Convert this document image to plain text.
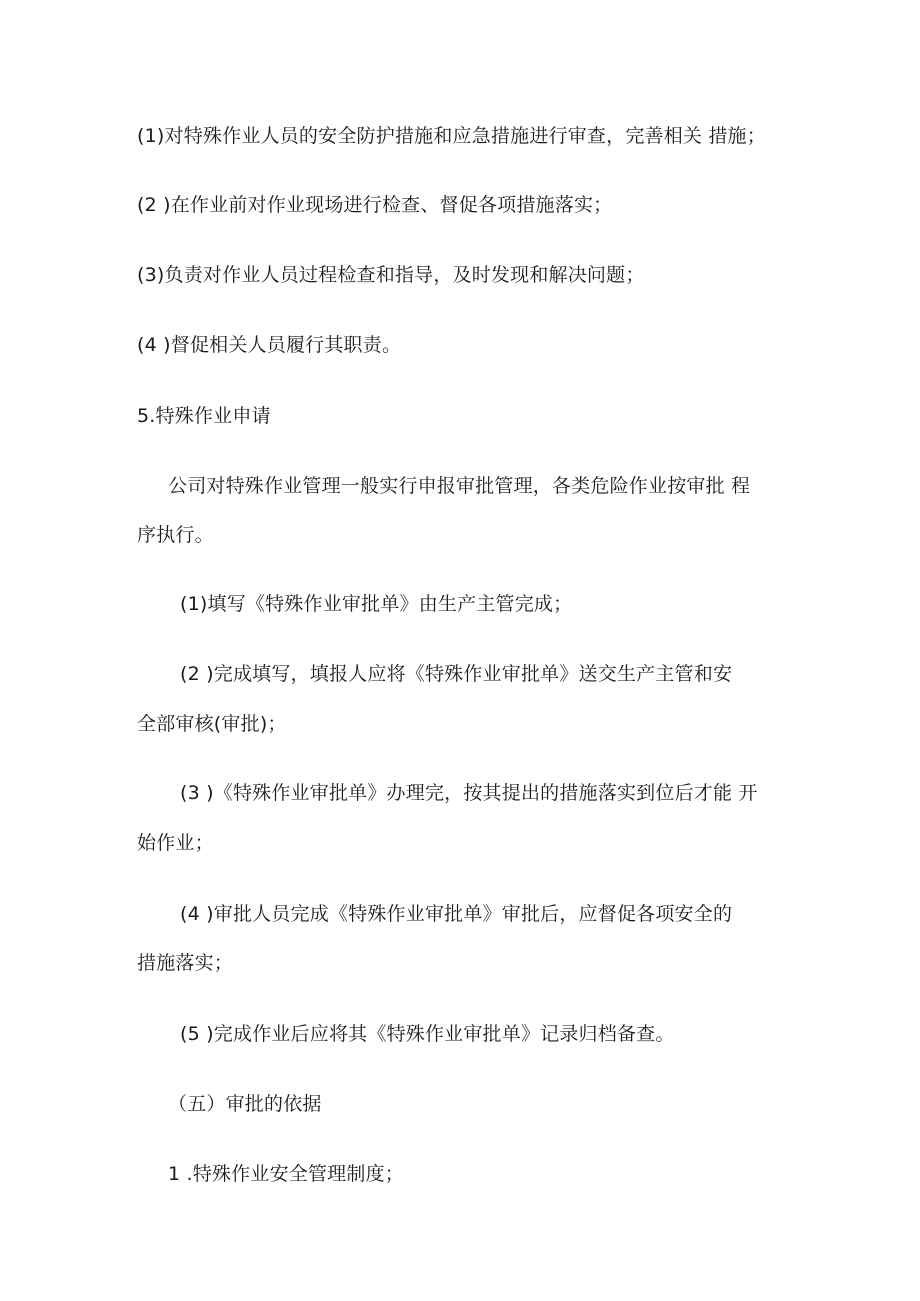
(1)对特殊作业人员的安全防护措施和应急措施进行审查，完善相关 措施；
(2 )在作业前对作业现场进行检查、督促各项措施落实；
(3)负责对作业人员过程检查和指导，及时发现和解决问题；
(4 )督促相关人员履行其职责。
5.特殊作业申请
公司对特殊作业管理一般实行申报审批管理，各类危险作业按审批 程
序执行。
(1)填写《特殊作业审批单》由生产主管完成；
(2 )完成填写，填报人应将《特殊作业审批单》送交生产主管和安
全部审核(审批)；
(3 )《特殊作业审批单》办理完，按其提出的措施落实到位后才能 开
始作业；
(4 )审批人员完成《特殊作业审批单》审批后，应督促各项安全的
措施落实；
(5 )完成作业后应将其《特殊作业审批单》记录归档备查。
（五）审批的依据
1 .特殊作业安全管理制度；
